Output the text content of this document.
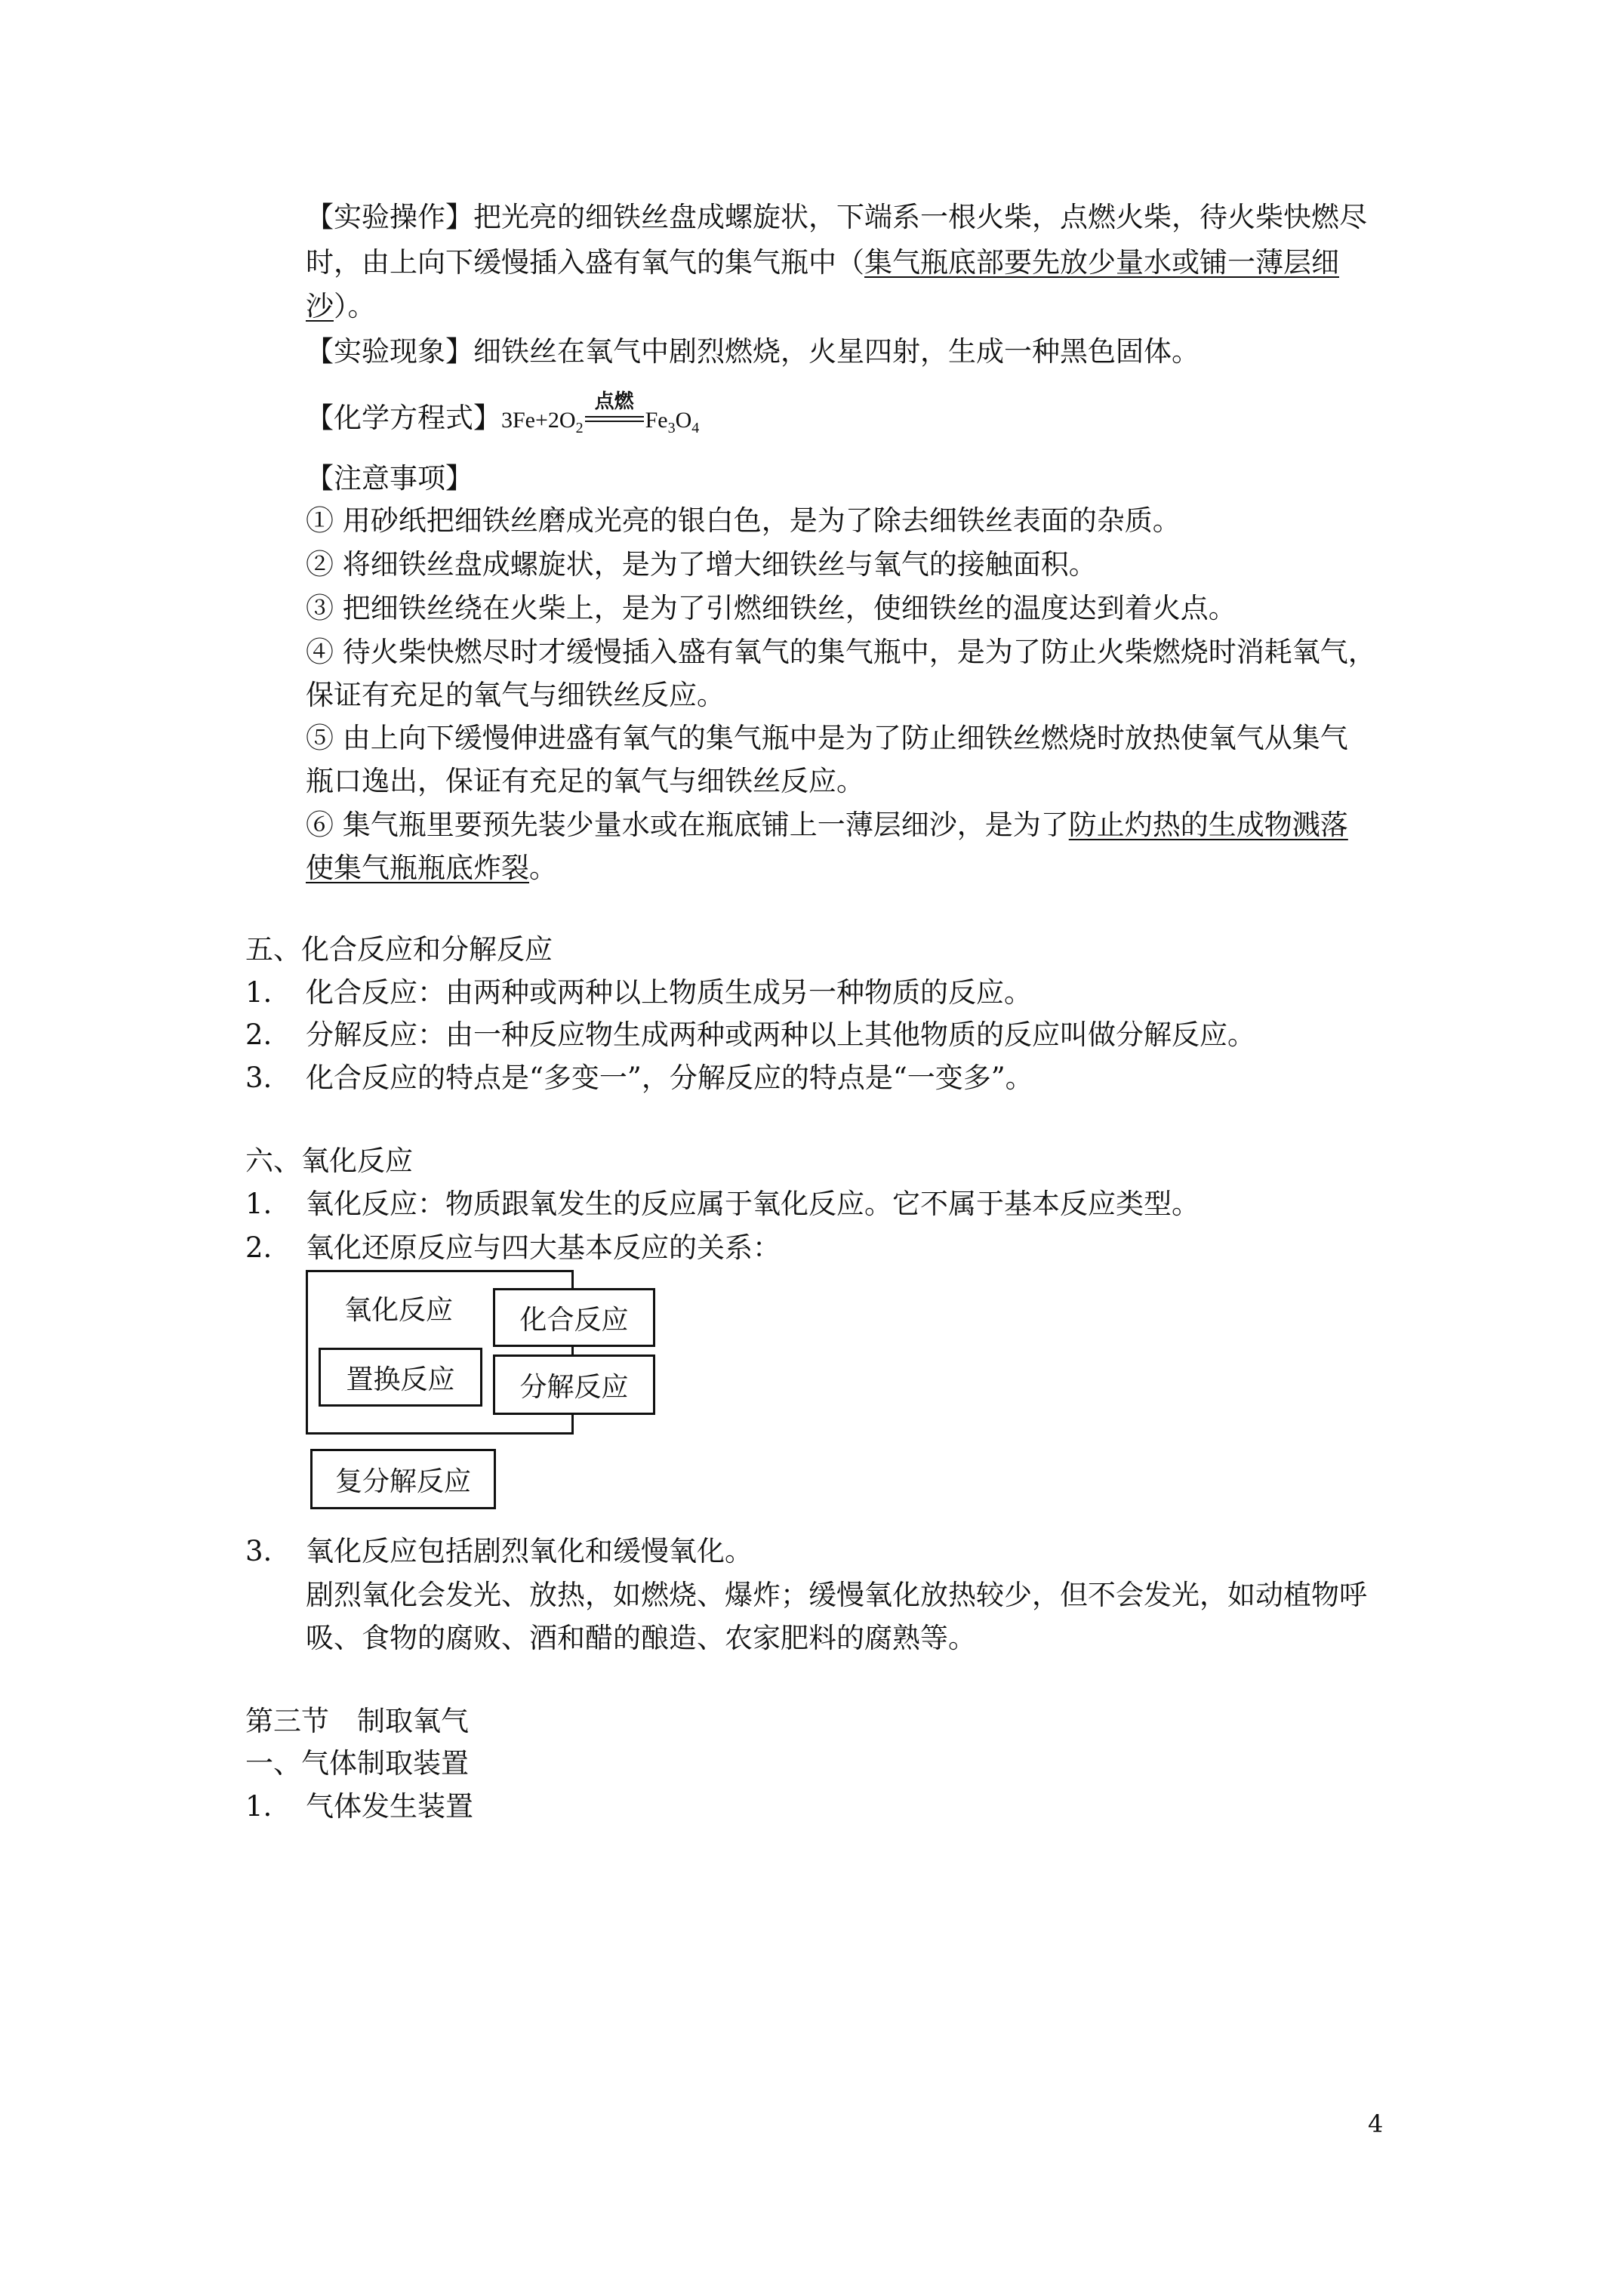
【实验操作】把光亮的细铁丝盘成螺旋状，下端系一根火柴，点燃火柴，待火柴快燃尽
时，由上向下缓慢插入盛有氧气的集气瓶中（集气瓶底部要先放少量水或铺一薄层细
沙）。
【实验现象】细铁丝在氧气中剧烈燃烧，火星四射，生成一种黑色固体。
【化学方程式】$3Fe+2O_2$
点燃
$Fe_3O_4$
【注意事项】
① 用砂纸把细铁丝磨成光亮的银白色，是为了除去细铁丝表面的杂质。
② 将细铁丝盘成螺旋状，是为了增大细铁丝与氧气的接触面积。
③ 把细铁丝绕在火柴上，是为了引燃细铁丝，使细铁丝的温度达到着火点。
④ 待火柴快燃尽时才缓慢插入盛有氧气的集气瓶中，是为了防止火柴燃烧时消耗氧气，
保证有充足的氧气与细铁丝反应。
⑤ 由上向下缓慢伸进盛有氧气的集气瓶中是为了防止细铁丝燃烧时放热使氧气从集气
瓶口逸出，保证有充足的氧气与细铁丝反应。
⑥ 集气瓶里要预先装少量水或在瓶底铺上一薄层细沙，是为了防止灼热的生成物溅落
使集气瓶瓶底炸裂。
五、化合反应和分解反应
1. 化合反应：由两种或两种以上物质生成另一种物质的反应。
2. 分解反应：由一种反应物生成两种或两种以上其他物质的反应叫做分解反应。
3. 化合反应的特点是“多变一”，分解反应的特点是“一变多”。
六、氧化反应
1. 氧化反应：物质跟氧发生的反应属于氧化反应。它不属于基本反应类型。
2. 氧化还原反应与四大基本反应的关系：
氧化反应 化合反应
置换反应 分解反应
复分解反应
3. 氧化反应包括剧烈氧化和缓慢氧化。
剧烈氧化会发光、放热，如燃烧、爆炸；缓慢氧化放热较少，但不会发光，如动植物呼
吸、食物的腐败、酒和醋的酿造、农家肥料的腐熟等。
第三节　制取氧气
一、气体制取装置
1. 气体发生装置
4
